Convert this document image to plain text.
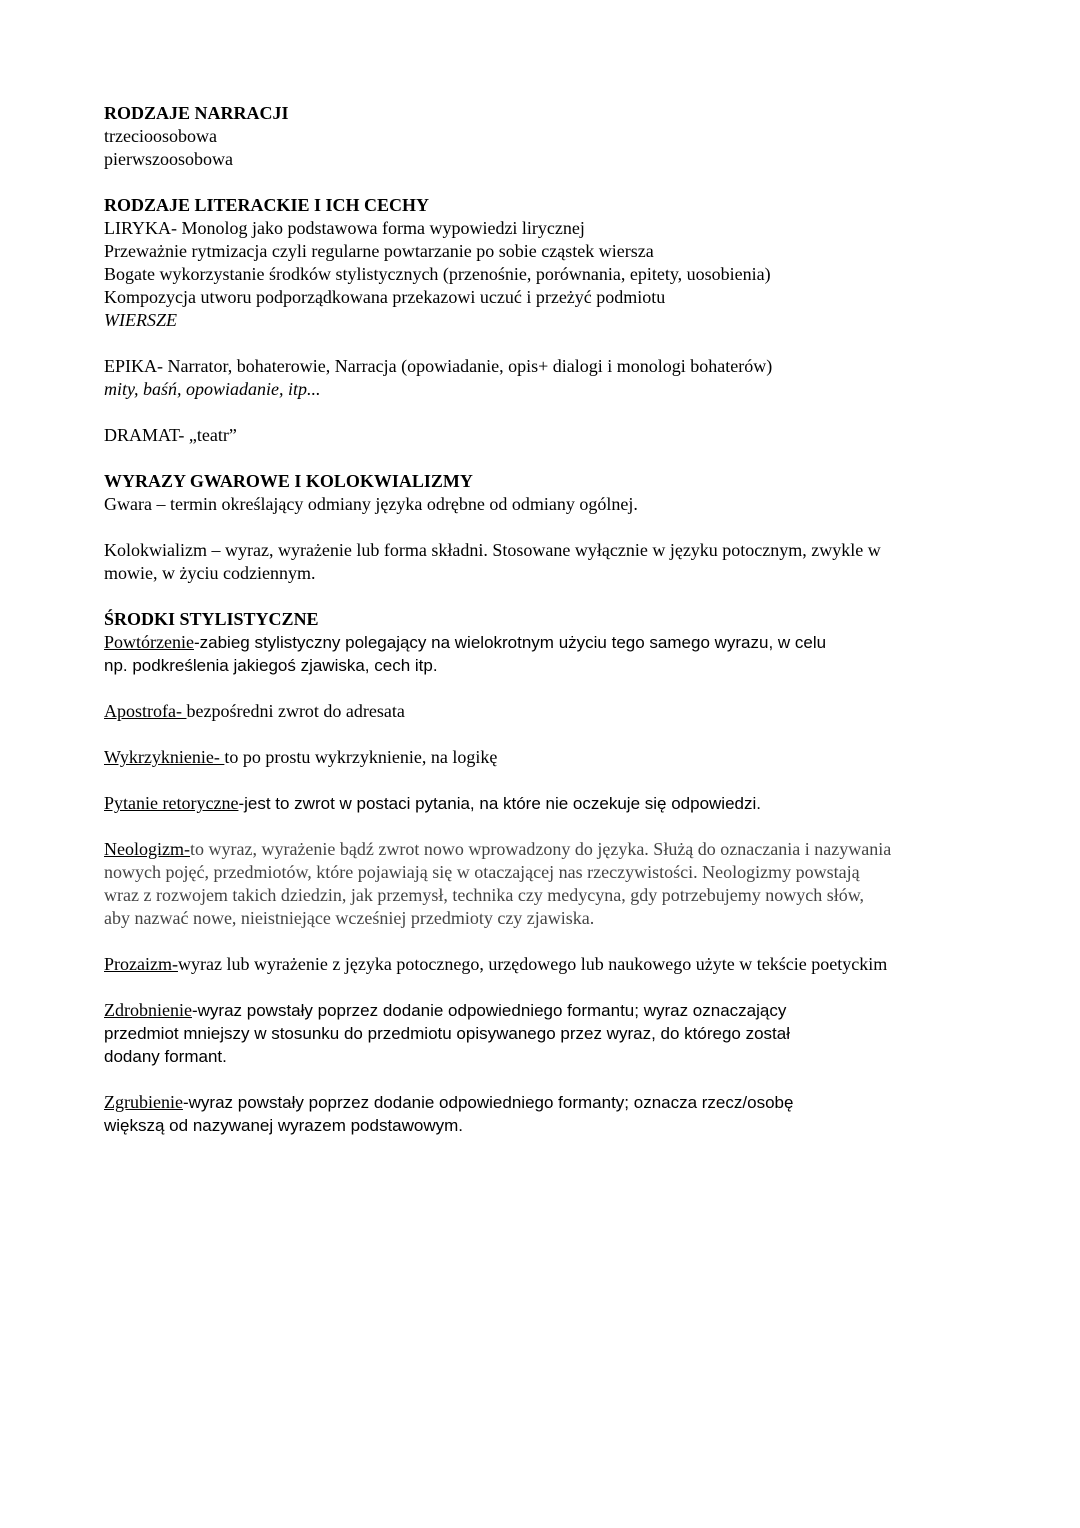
RODZAJE NARRACJI
trzecioosobowa
pierwszoosobowa
RODZAJE LITERACKIE I ICH CECHY
LIRYKA- Monolog jako podstawowa forma wypowiedzi lirycznej
Przeważnie rytmizacja czyli regularne powtarzanie po sobie cząstek wiersza
Bogate wykorzystanie środków stylistycznych (przenośnie, porównania, epitety, uosobienia)
Kompozycja utworu podporządkowana przekazowi uczuć i przeżyć podmiotu
WIERSZE
EPIKA- Narrator, bohaterowie, Narracja (opowiadanie, opis+ dialogi i monologi bohaterów)
mity, baśń, opowiadanie, itp...
DRAMAT- „teatr”
WYRAZY GWAROWE I KOLOKWIALIZMY
Gwara – termin określający odmiany języka odrębne od odmiany ogólnej.
Kolokwializm – wyraz, wyrażenie lub forma składni. Stosowane wyłącznie w języku potocznym, zwykle w
mowie, w życiu codziennym.
ŚRODKI STYLISTYCZNE
Powtórzenie-zabieg stylistyczny polegający na wielokrotnym użyciu tego samego wyrazu, w celu
np. podkreślenia jakiegoś zjawiska, cech itp.
Apostrofa- bezpośredni zwrot do adresata
Wykrzyknienie- to po prostu wykrzyknienie, na logikę
Pytanie retoryczne-jest to zwrot w postaci pytania, na które nie oczekuje się odpowiedzi.
Neologizm-to wyraz, wyrażenie bądź zwrot nowo wprowadzony do języka. Służą do oznaczania i nazywania
nowych pojęć, przedmiotów, które pojawiają się w otaczającej nas rzeczywistości. Neologizmy powstają
wraz z rozwojem takich dziedzin, jak przemysł, technika czy medycyna, gdy potrzebujemy nowych słów,
aby nazwać nowe, nieistniejące wcześniej przedmioty czy zjawiska.
Prozaizm-wyraz lub wyrażenie z języka potocznego, urzędowego lub naukowego użyte w tekście poetyckim
Zdrobnienie-wyraz powstały poprzez dodanie odpowiedniego formantu; wyraz oznaczający
przedmiot mniejszy w stosunku do przedmiotu opisywanego przez wyraz, do którego został
dodany formant.
Zgrubienie-wyraz powstały poprzez dodanie odpowiedniego formanty; oznacza rzecz/osobę
większą od nazywanej wyrazem podstawowym.
